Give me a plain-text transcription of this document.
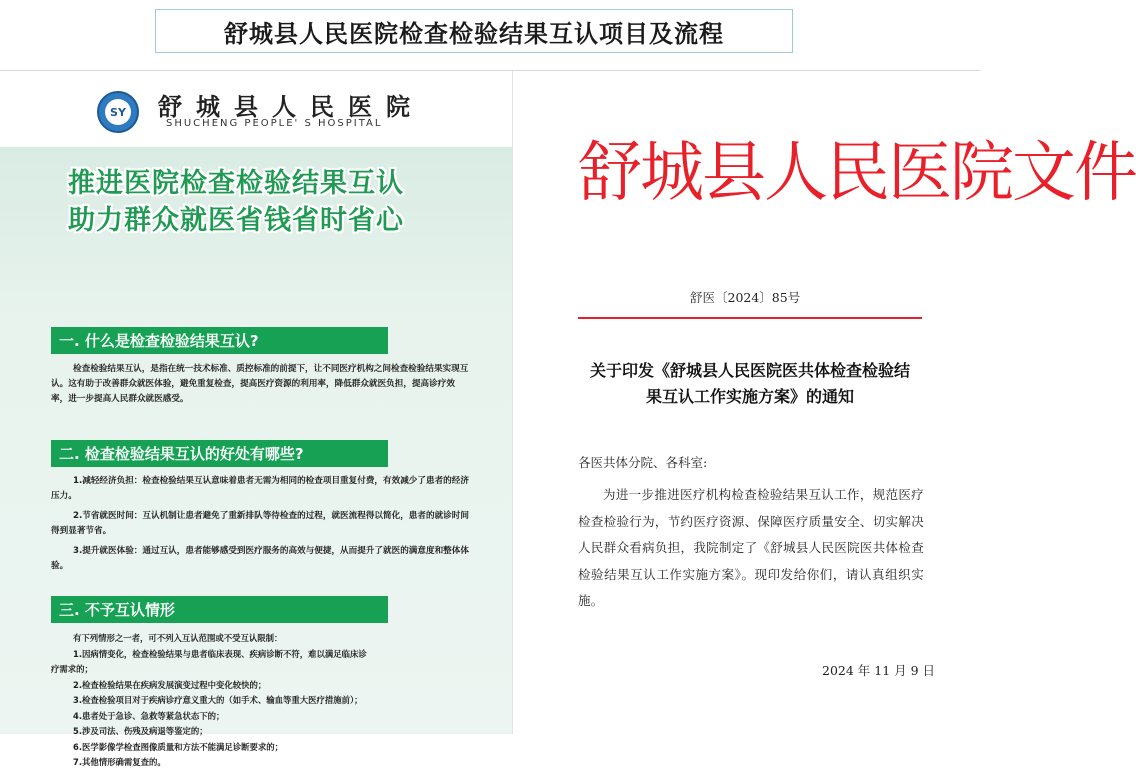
舒城县人民医院检查检验结果互认项目及流程
SY 舒城县人民医院
SHUCHENG PEOPLE' S HOSPITAL
推进医院检查检验结果互认
助力群众就医省钱省时省心
一. 什么是检查检验结果互认?
检查检验结果互认，是指在统一技术标准、质控标准的前提下，让不同医疗机构之间检查检验结果实现互认。这有助于改善群众就医体验，避免重复检查，提高医疗资源的利用率，降低群众就医负担，提高诊疗效率，进一步提高人民群众就医感受。
二. 检查检验结果互认的好处有哪些?
1.减轻经济负担：检查检验结果互认意味着患者无需为相同的检查项目重复付费，有效减少了患者的经济压力。
2.节省就医时间：互认机制让患者避免了重新排队等待检查的过程，就医流程得以简化，患者的就诊时间得到显著节省。
3.提升就医体验：通过互认，患者能够感受到医疗服务的高效与便捷，从而提升了就医的满意度和整体体验。
三. 不予互认情形
有下列情形之一者，可不列入互认范围或不受互认限制：
1.因病情变化，检查检验结果与患者临床表现、疾病诊断不符，难以满足临床诊
疗需求的；
2.检查检验结果在疾病发展演变过程中变化较快的；
3.检查检验项目对于疾病诊疗意义重大的（如手术、输血等重大医疗措施前）；
4.患者处于急诊、急救等紧急状态下的；
5.涉及司法、伤残及病退等鉴定的；
6.医学影像学检查图像质量和方法不能满足诊断要求的；
7.其他情形确需复查的。
舒城县人民医院文件
舒医〔2024〕85号
关于印发《舒城县人民医院医共体检查检验结
果互认工作实施方案》的通知
各医共体分院、各科室:
为进一步推进医疗机构检查检验结果互认工作，规范医疗检查检验行为，节约医疗资源、保障医疗质量安全、切实解决人民群众看病负担，我院制定了《舒城县人民医院医共体检查检验结果互认工作实施方案》。现印发给你们，请认真组织实施。
2024 年 11 月 9 日
